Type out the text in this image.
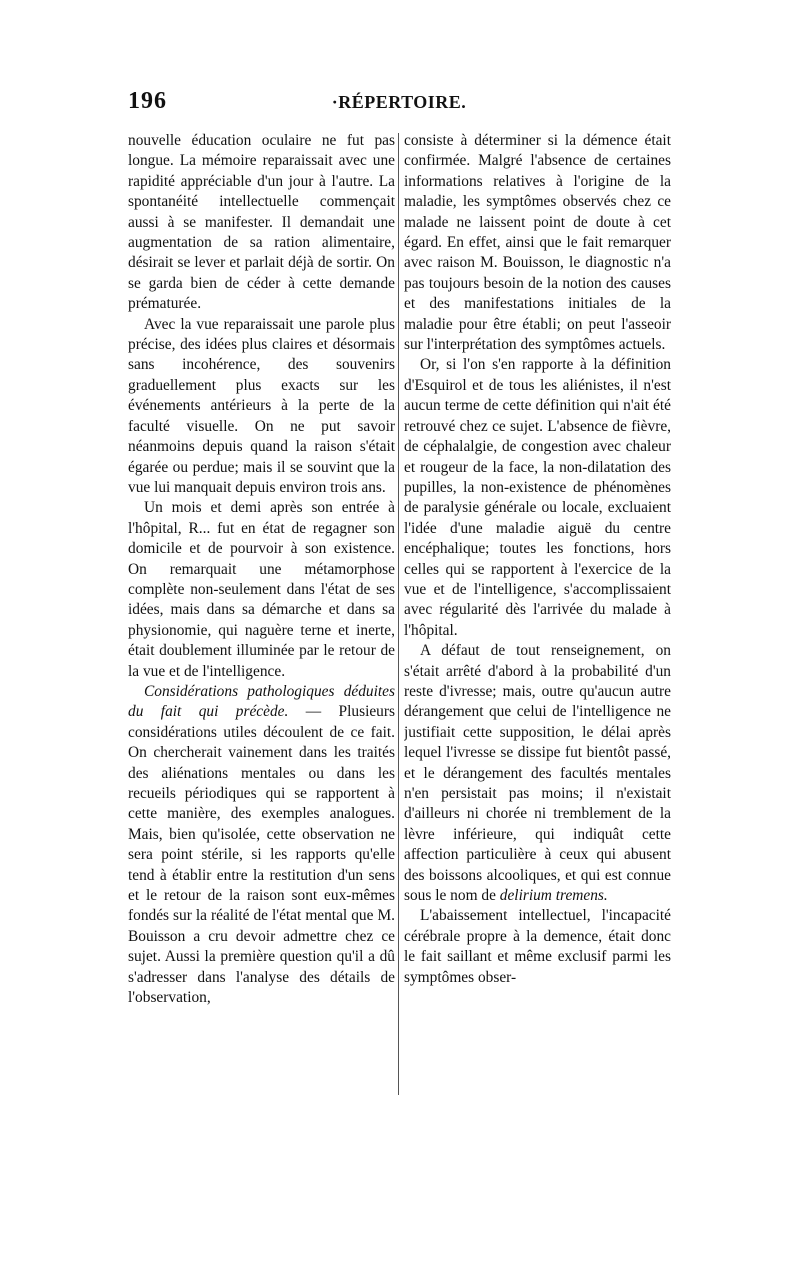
196	·RÉPERTOIRE.

nouvelle éducation oculaire ne fut pas longue. La mémoire reparaissait avec une rapidité appréciable d'un jour à l'autre. La spontanéité intellectuelle commençait aussi à se manifester. Il demandait une augmentation de sa ration alimentaire, désirait se lever et parlait déjà de sortir. On se garda bien de céder à cette demande prématurée.

Avec la vue reparaissait une parole plus précise, des idées plus claires et désormais sans incohérence, des souvenirs graduellement plus exacts sur les événements antérieurs à la perte de la faculté visuelle. On ne put savoir néanmoins depuis quand la raison s'était égarée ou perdue; mais il se souvint que la vue lui manquait depuis environ trois ans.

Un mois et demi après son entrée à l'hôpital, R... fut en état de regagner son domicile et de pourvoir à son existence. On remarquait une métamorphose complète non-seulement dans l'état de ses idées, mais dans sa démarche et dans sa physionomie, qui naguère terne et inerte, était doublement illuminée par le retour de la vue et de l'intelligence.

Considérations pathologiques déduites du fait qui précède. — Plusieurs considérations utiles découlent de ce fait. On chercherait vainement dans les traités des aliénations mentales ou dans les recueils périodiques qui se rapportent à cette manière, des exemples analogues. Mais, bien qu'isolée, cette observation ne sera point stérile, si les rapports qu'elle tend à établir entre la restitution d'un sens et le retour de la raison sont eux-mêmes fondés sur la réalité de l'état mental que M. Bouisson a cru devoir admettre chez ce sujet. Aussi la première question qu'il a dû s'adresser dans l'analyse des détails de l'observation,

consiste à déterminer si la démence était confirmée. Malgré l'absence de certaines informations relatives à l'origine de la maladie, les symptômes observés chez ce malade ne laissent point de doute à cet égard. En effet, ainsi que le fait remarquer avec raison M. Bouisson, le diagnostic n'a pas toujours besoin de la notion des causes et des manifestations initiales de la maladie pour être établi; on peut l'asseoir sur l'interprétation des symptômes actuels.

Or, si l'on s'en rapporte à la définition d'Esquirol et de tous les aliénistes, il n'est aucun terme de cette définition qui n'ait été retrouvé chez ce sujet. L'absence de fièvre, de céphalalgie, de congestion avec chaleur et rougeur de la face, la non-dilatation des pupilles, la non-existence de phénomènes de paralysie générale ou locale, excluaient l'idée d'une maladie aiguë du centre encéphalique; toutes les fonctions, hors celles qui se rapportent à l'exercice de la vue et de l'intelligence, s'accomplissaient avec régularité dès l'arrivée du malade à l'hôpital.

A défaut de tout renseignement, on s'était arrêté d'abord à la probabilité d'un reste d'ivresse; mais, outre qu'aucun autre dérangement que celui de l'intelligence ne justifiait cette supposition, le délai après lequel l'ivresse se dissipe fut bientôt passé, et le dérangement des facultés mentales n'en persistait pas moins; il n'existait d'ailleurs ni chorée ni tremblement de la lèvre inférieure, qui indiquât cette affection particulière à ceux qui abusent des boissons alcooliques, et qui est connue sous le nom de delirium tremens.

L'abaissement intellectuel, l'incapacité cérébrale propre à la demence, était donc le fait saillant et même exclusif parmi les symptômes obser-
